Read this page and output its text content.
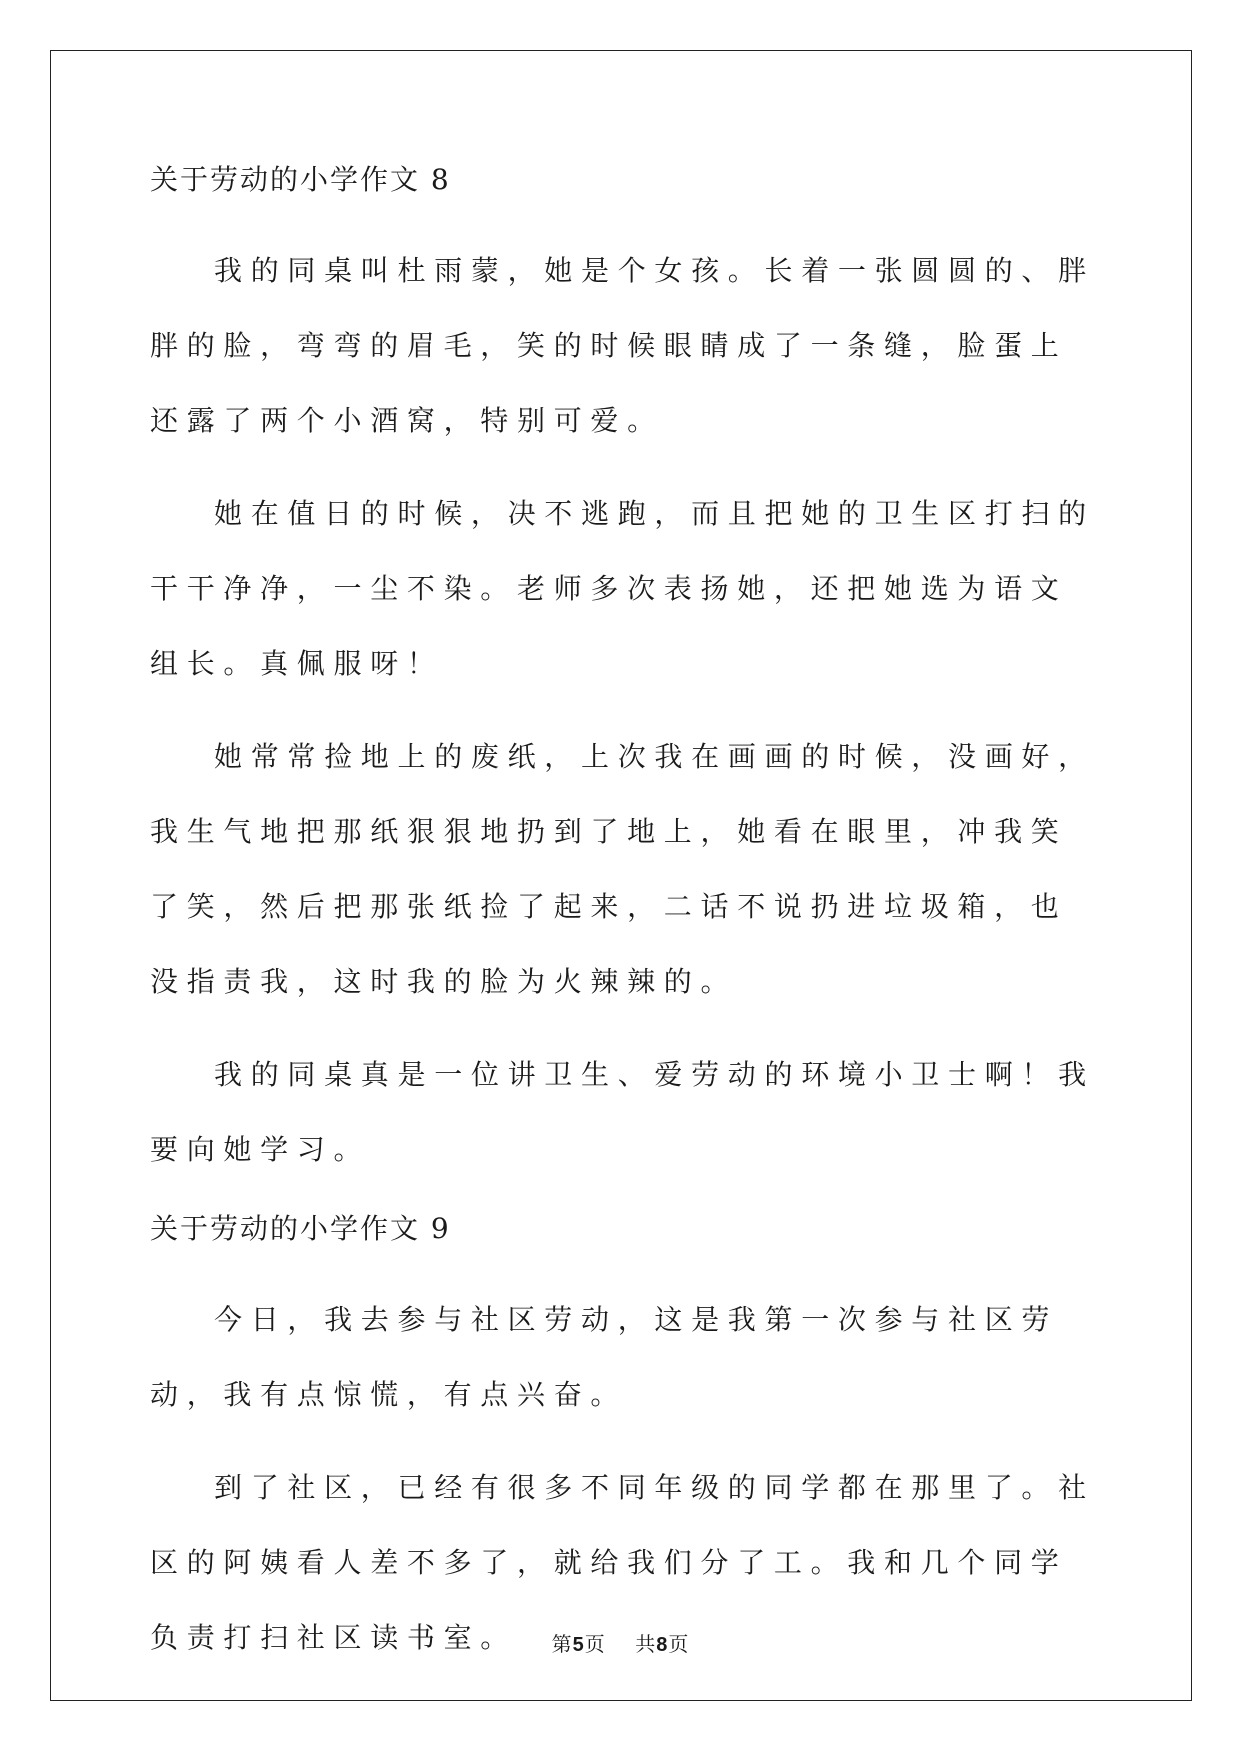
关于劳动的小学作文 8

我的同桌叫杜雨蒙，她是个女孩。长着一张圆圆的、胖胖的脸，弯弯的眉毛，笑的时候眼睛成了一条缝，脸蛋上还露了两个小酒窝，特别可爱。

她在值日的时候，决不逃跑，而且把她的卫生区打扫的干干净净，一尘不染。老师多次表扬她，还把她选为语文组长。真佩服呀！

她常常捡地上的废纸，上次我在画画的时候，没画好，我生气地把那纸狠狠地扔到了地上，她看在眼里，冲我笑了笑，然后把那张纸捡了起来，二话不说扔进垃圾箱，也没指责我，这时我的脸为火辣辣的。

我的同桌真是一位讲卫生、爱劳动的环境小卫士啊！我要向她学习。

关于劳动的小学作文 9

今日，我去参与社区劳动，这是我第一次参与社区劳动，我有点惊慌，有点兴奋。

到了社区，已经有很多不同年级的同学都在那里了。社区的阿姨看人差不多了，就给我们分了工。我和几个同学负责打扫社区读书室。	第5页 共8页
